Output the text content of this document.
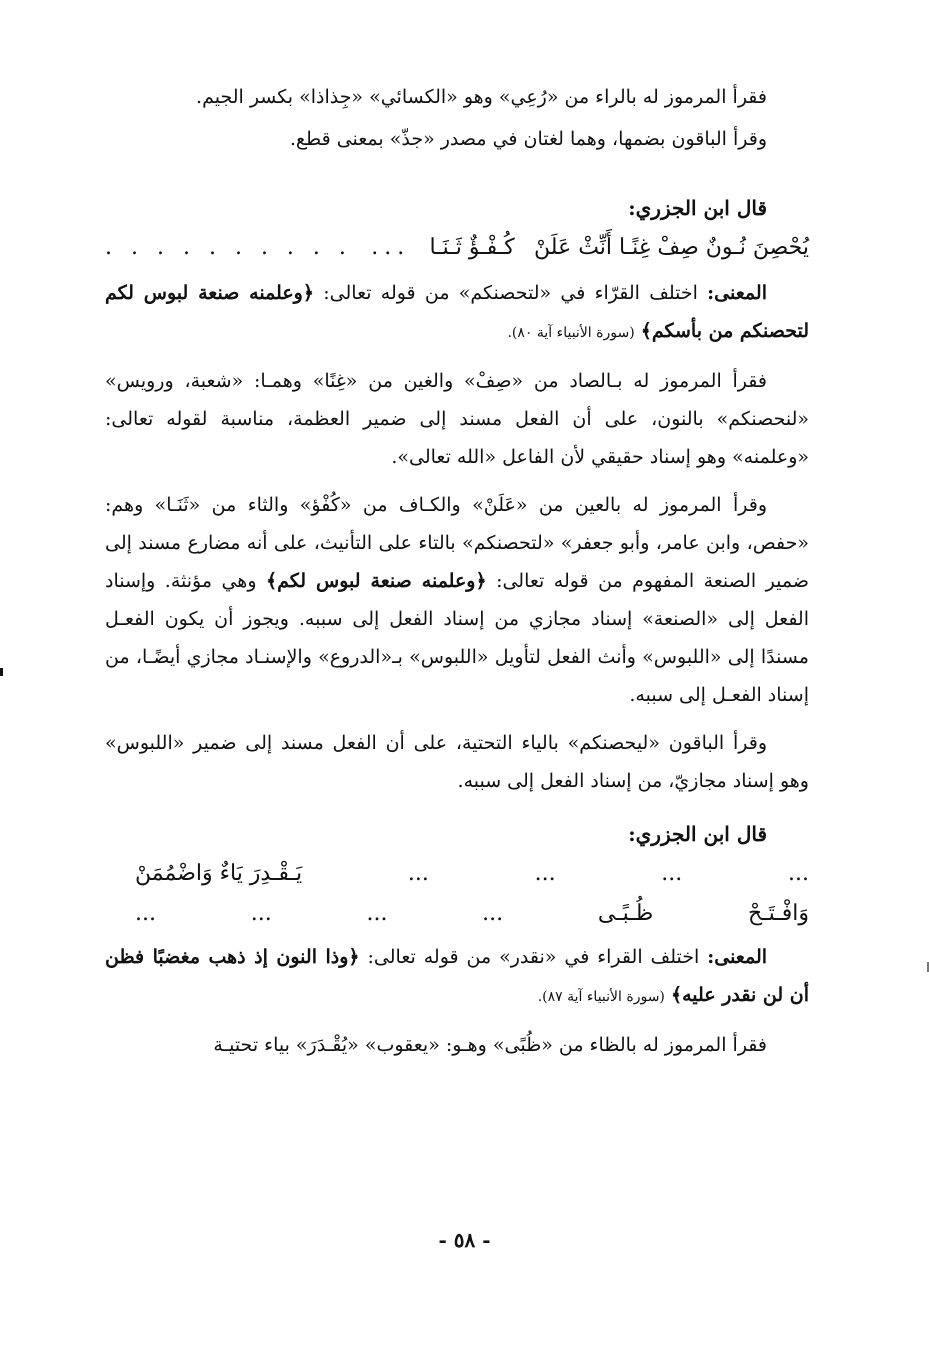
فقرأ المرموز له بالراء من «رُعِي» وهو «الكسائي» «جِذاذا» بكسر الجيم.

وقرأ الباقون بضمها، وهما لغتان في مصدر «جذّ» بمعنى قطع.

قال ابن الجزري:

يُحْصِنَ نُـونٌ صِفْ غِنًـا أَنِّثْ عَلَنْ
كُـفْـؤٌ ثَـنَـا
...
. . . . . . . . . .

المعنى: اختلف القرّاء في «لتحصنكم» من قوله تعالى: ﴿وعلمنه صنعة لبوس لكم لتحصنكم من بأسكم﴾ (سورة الأنبياء آية ٨٠).

فقرأ المرموز له بـالصاد من «صِفْ» والغين من «غِنًا» وهمـا: «شعبة، ورويس» «لنحصنكم» بالنون، على أن الفعل مسند إلى ضمير العظمة، مناسبة لقوله تعالى: «وعلمنه» وهو إسناد حقيقي لأن الفاعل «الله تعالى».

وقرأ المرموز له بالعين من «عَلَنْ» والكـاف من «كُفْؤ» والثاء من «ثَنَـا» وهم: «حفص، وابن عامر، وأبو جعفر» «لتحصنكم» بالتاء على التأنيث، على أنه مضارع مسند إلى ضمير الصنعة المفهوم من قوله تعالى: ﴿وعلمنه صنعة لبوس لكم﴾ وهي مؤنثة. وإسناد الفعل إلى «الصنعة» إسناد مجازي من إسناد الفعل إلى سببه. ويجوز أن يكون الفعـل مسندًا إلى «اللبوس» وأنث الفعل لتأويل «اللبوس» بـ«الدروع» والإسنـاد مجازي أيضًـا، من إسناد الفعـل إلى سببه.

وقرأ الباقون «ليحصنكم» بالياء التحتية، على أن الفعل مسند إلى ضمير «اللبوس» وهو إسناد مجازيّ، من إسناد الفعل إلى سببه.

قال ابن الجزري:

...
...
...
...
يَـقْـدِرَ يَاءٌ وَاضْمُمَنْ
وَافْـتَـحْ
ظُـبًـى
...
...
...
...

المعنى: اختلف القراء في «نقدر» من قوله تعالى: ﴿وذا النون إذ ذهب مغضبًا فظن أن لن نقدر عليه﴾ (سورة الأنبياء آية ٨٧).

فقرأ المرموز له بالظاء من «ظُبًى» وهـو: «يعقوب» «يُقْـدَرَ» بياء تحتيـة

- ٥٨ -
